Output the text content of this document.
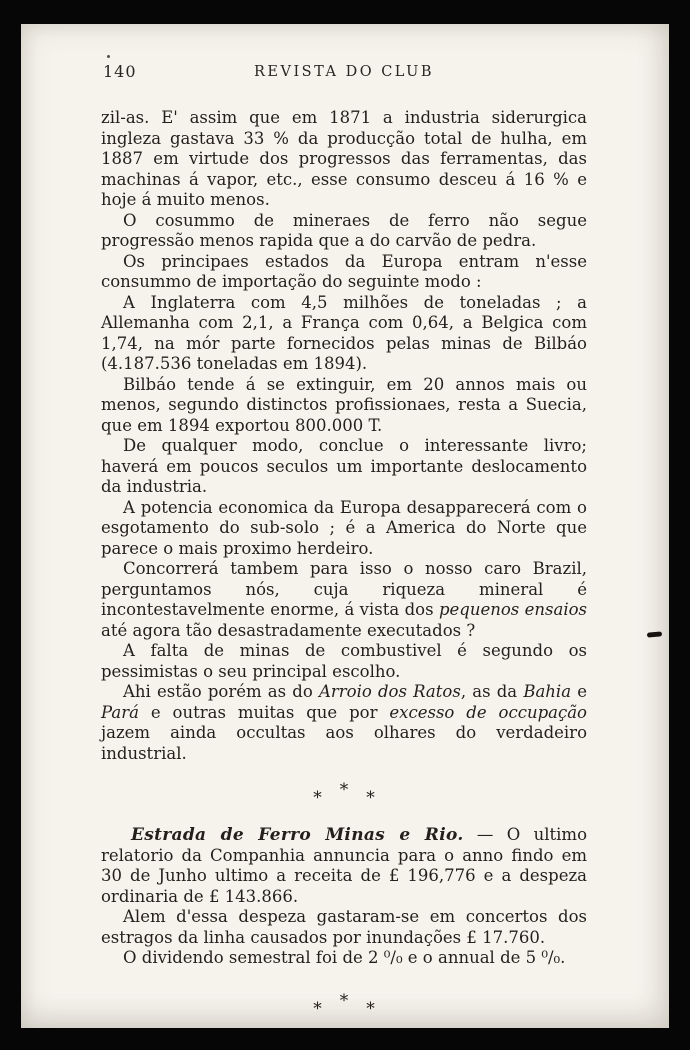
140	REVISTA DO CLUB

zil-as. E' assim que em 1871 a industria siderurgica ingleza gastava 33 % da producção total de hulha, em 1887 em virtude dos progressos das ferramentas, das machinas á vapor, etc., esse consumo desceu á 16 % e hoje á muito menos.

O cosummo de mineraes de ferro não segue progressão menos rapida que a do carvão de pedra.

Os principaes estados da Europa entram n'esse consummo de importação do seguinte modo :

A Inglaterra com 4,5 milhões de toneladas ; a Allemanha com 2,1, a França com 0,64, a Belgica com 1,74, na mór parte fornecidos pelas minas de Bilbáo (4.187.536 toneladas em 1894).

Bilbáo tende á se extinguir, em 20 annos mais ou menos, segundo distinctos profissionaes, resta a Suecia, que em 1894 exportou 800.000 T.

De qualquer modo, conclue o interessante livro; haverá em poucos seculos um importante deslocamento da industria.

A potencia economica da Europa desapparecerá com o esgotamento do sub-solo ; é a America do Norte que parece o mais proximo herdeiro.

Concorrerá tambem para isso o nosso caro Brazil, perguntamos nós, cuja riqueza mineral é incontestavelmente enorme, á vista dos pequenos ensaios até agora tão desastradamente executados ?

A falta de minas de combustivel é segundo os pessimistas o seu principal escolho.

Ahi estão porém as do Arroio dos Ratos, as da Bahia e Pará e outras muitas que por excesso de occupação jazem ainda occultas aos olhares do verdadeiro industrial.

* * *

Estrada de Ferro Minas e Rio. — O ultimo relatorio da Companhia annuncia para o anno findo em 30 de Junho ultimo a receita de £ 196,776 e a despeza ordinaria de £ 143.866.

Alem d'essa despeza gastaram-se em concertos dos estragos da linha causados por inundações £ 17.760.

O dividendo semestral foi de 2 ⁰/₀ e o annual de 5 ⁰/₀.

* * *
